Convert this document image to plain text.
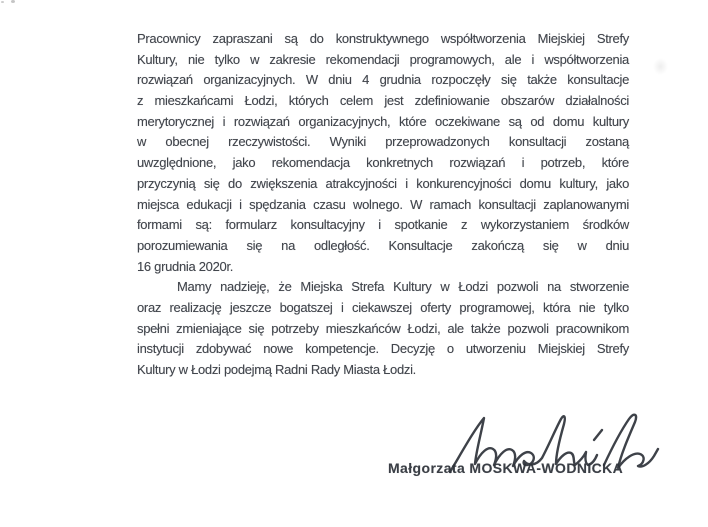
Pracownicy zapraszani są do konstruktywnego współtworzenia Miejskiej Strefy
Kultury, nie tylko w zakresie rekomendacji programowych, ale i współtworzenia
rozwiązań organizacyjnych. W dniu 4 grudnia rozpoczęły się także konsultacje
z mieszkańcami Łodzi, których celem jest zdefiniowanie obszarów działalności
merytorycznej i rozwiązań organizacyjnych, które oczekiwane są od domu kultury
w obecnej rzeczywistości. Wyniki przeprowadzonych konsultacji zostaną
uwzględnione, jako rekomendacja konkretnych rozwiązań i potrzeb, które
przyczynią się do zwiększenia atrakcyjności i konkurencyjności domu kultury, jako
miejsca edukacji i spędzania czasu wolnego. W ramach konsultacji zaplanowanymi
formami są: formularz konsultacyjny i spotkanie z wykorzystaniem środków
porozumiewania się na odległość. Konsultacje zakończą się w dniu
16 grudnia 2020r.
Mamy nadzieję, że Miejska Strefa Kultury w Łodzi pozwoli na stworzenie
oraz realizację jeszcze bogatszej i ciekawszej oferty programowej, która nie tylko
spełni zmieniające się potrzeby mieszkańców Łodzi, ale także pozwoli pracownikom
instytucji zdobywać nowe kompetencje. Decyzję o utworzeniu Miejskiej Strefy
Kultury w Łodzi podejmą Radni Rady Miasta Łodzi.
Małgorzata MOSKWA-WODNICKA
